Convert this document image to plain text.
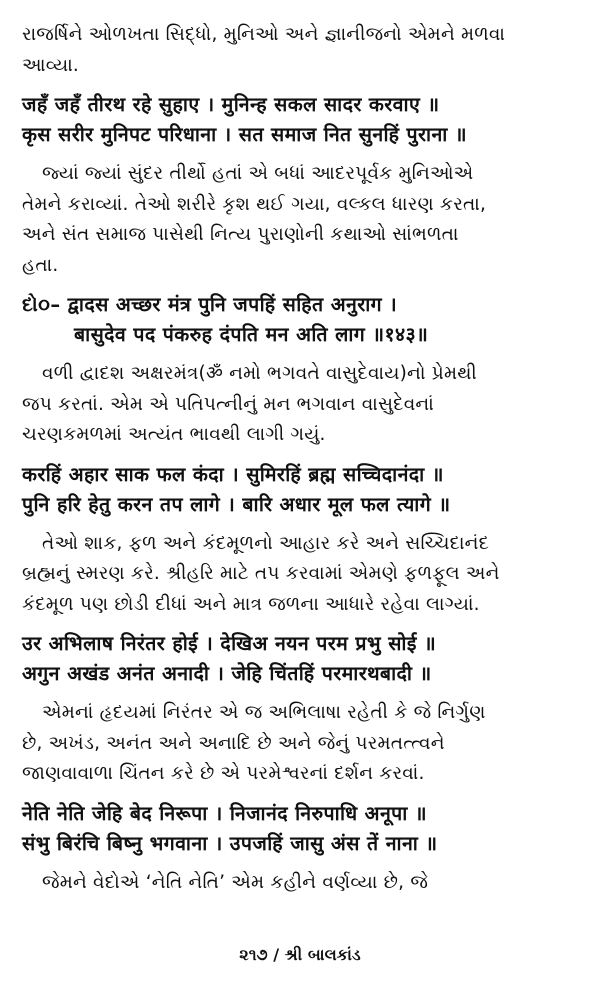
રાજર્ષિને ઓળખતા સિદ્ધો, મુનિઓ અને જ્ઞાનીજનો એમને મળવા
આવ્યા.
जहँ जहँ तीरथ रहे सुहाए । मुनिन्ह सकल सादर करवाए ॥
कृस सरीर मुनिपट परिधाना । सत समाज नित सुनहिं पुराना ॥
જ્યાં જ્યાં સુંદર તીર્થો હતાં એ બધાં આદરપૂર્વક મુનિઓએ
તેમને કરાવ્યાં. તેઓ શરીરે કૃશ થઈ ગયા, વલ્કલ ધારણ કરતા,
અને સંત સમાજ પાસેથી નિત્ય પુરાણોની કથાઓ સાંભળતા
હતા.
દો૦– द्वादस अच्छर मंत्र पुनि जपहिं सहित अनुराग ।
बासुदेव पद पंकरुह दंपति मन अति लाग ॥१४३॥
વળી દ્વાદશ અક્ષરમંત્ર(ॐ નમો ભગવતે વાસુદેવાય)નો પ્રેમથી
જપ કરતાં. એમ એ પતિપત્નીનું મન ભગવાન વાસુદેવનાં
ચરણકમળમાં અત્યંત ભાવથી લાગી ગયું.
करहिं अहार साक फल कंदा । सुमिरहिं ब्रह्म सच्चिदानंदा ॥
पुनि हरि हेतु करन तप लागे । बारि अधार मूल फल त्यागे ॥
તેઓ શાક, ફળ અને કંદમૂળનો આહાર કરે અને સચ્ચિદાનંદ
બ્રહ્મનું સ્મરણ કરે. શ્રીહરિ માટે તપ કરવામાં એમણે ફળફૂલ અને
કંદમૂળ પણ છોડી દીધાં અને માત્ર જળના આધારે રહેવા લાગ્યાં.
उर अभिलाष निरंतर होई । देखिअ नयन परम प्रभु सोई ॥
अगुन अखंड अनंत अनादी । जेहि चिंतहिं परमारथबादी ॥
એમનાં હૃદયમાં નિરંતર એ જ અભિલાષા રહેતી કે જે નિર્ગુણ
છે, અખંડ, અનંત અને અનાદિ છે અને જેનું પરમતત્ત્વને
જાણવાવાળા ચિંતન કરે છે એ પરમેશ્વરનાં દર્શન કરવાં.
नेति नेति जेहि बेद निरूपा । निजानंद निरुपाधि अनूपा ॥
संभु बिरंचि बिष्नु भगवाना । उपजहिं जासु अंस तें नाना ॥
જેમને વેદોએ ‘નેતિ નેતિ’ એમ કહીને વર્ણવ્યા છે, જે
૨૧૭ / શ્રી બાલકાંડ
